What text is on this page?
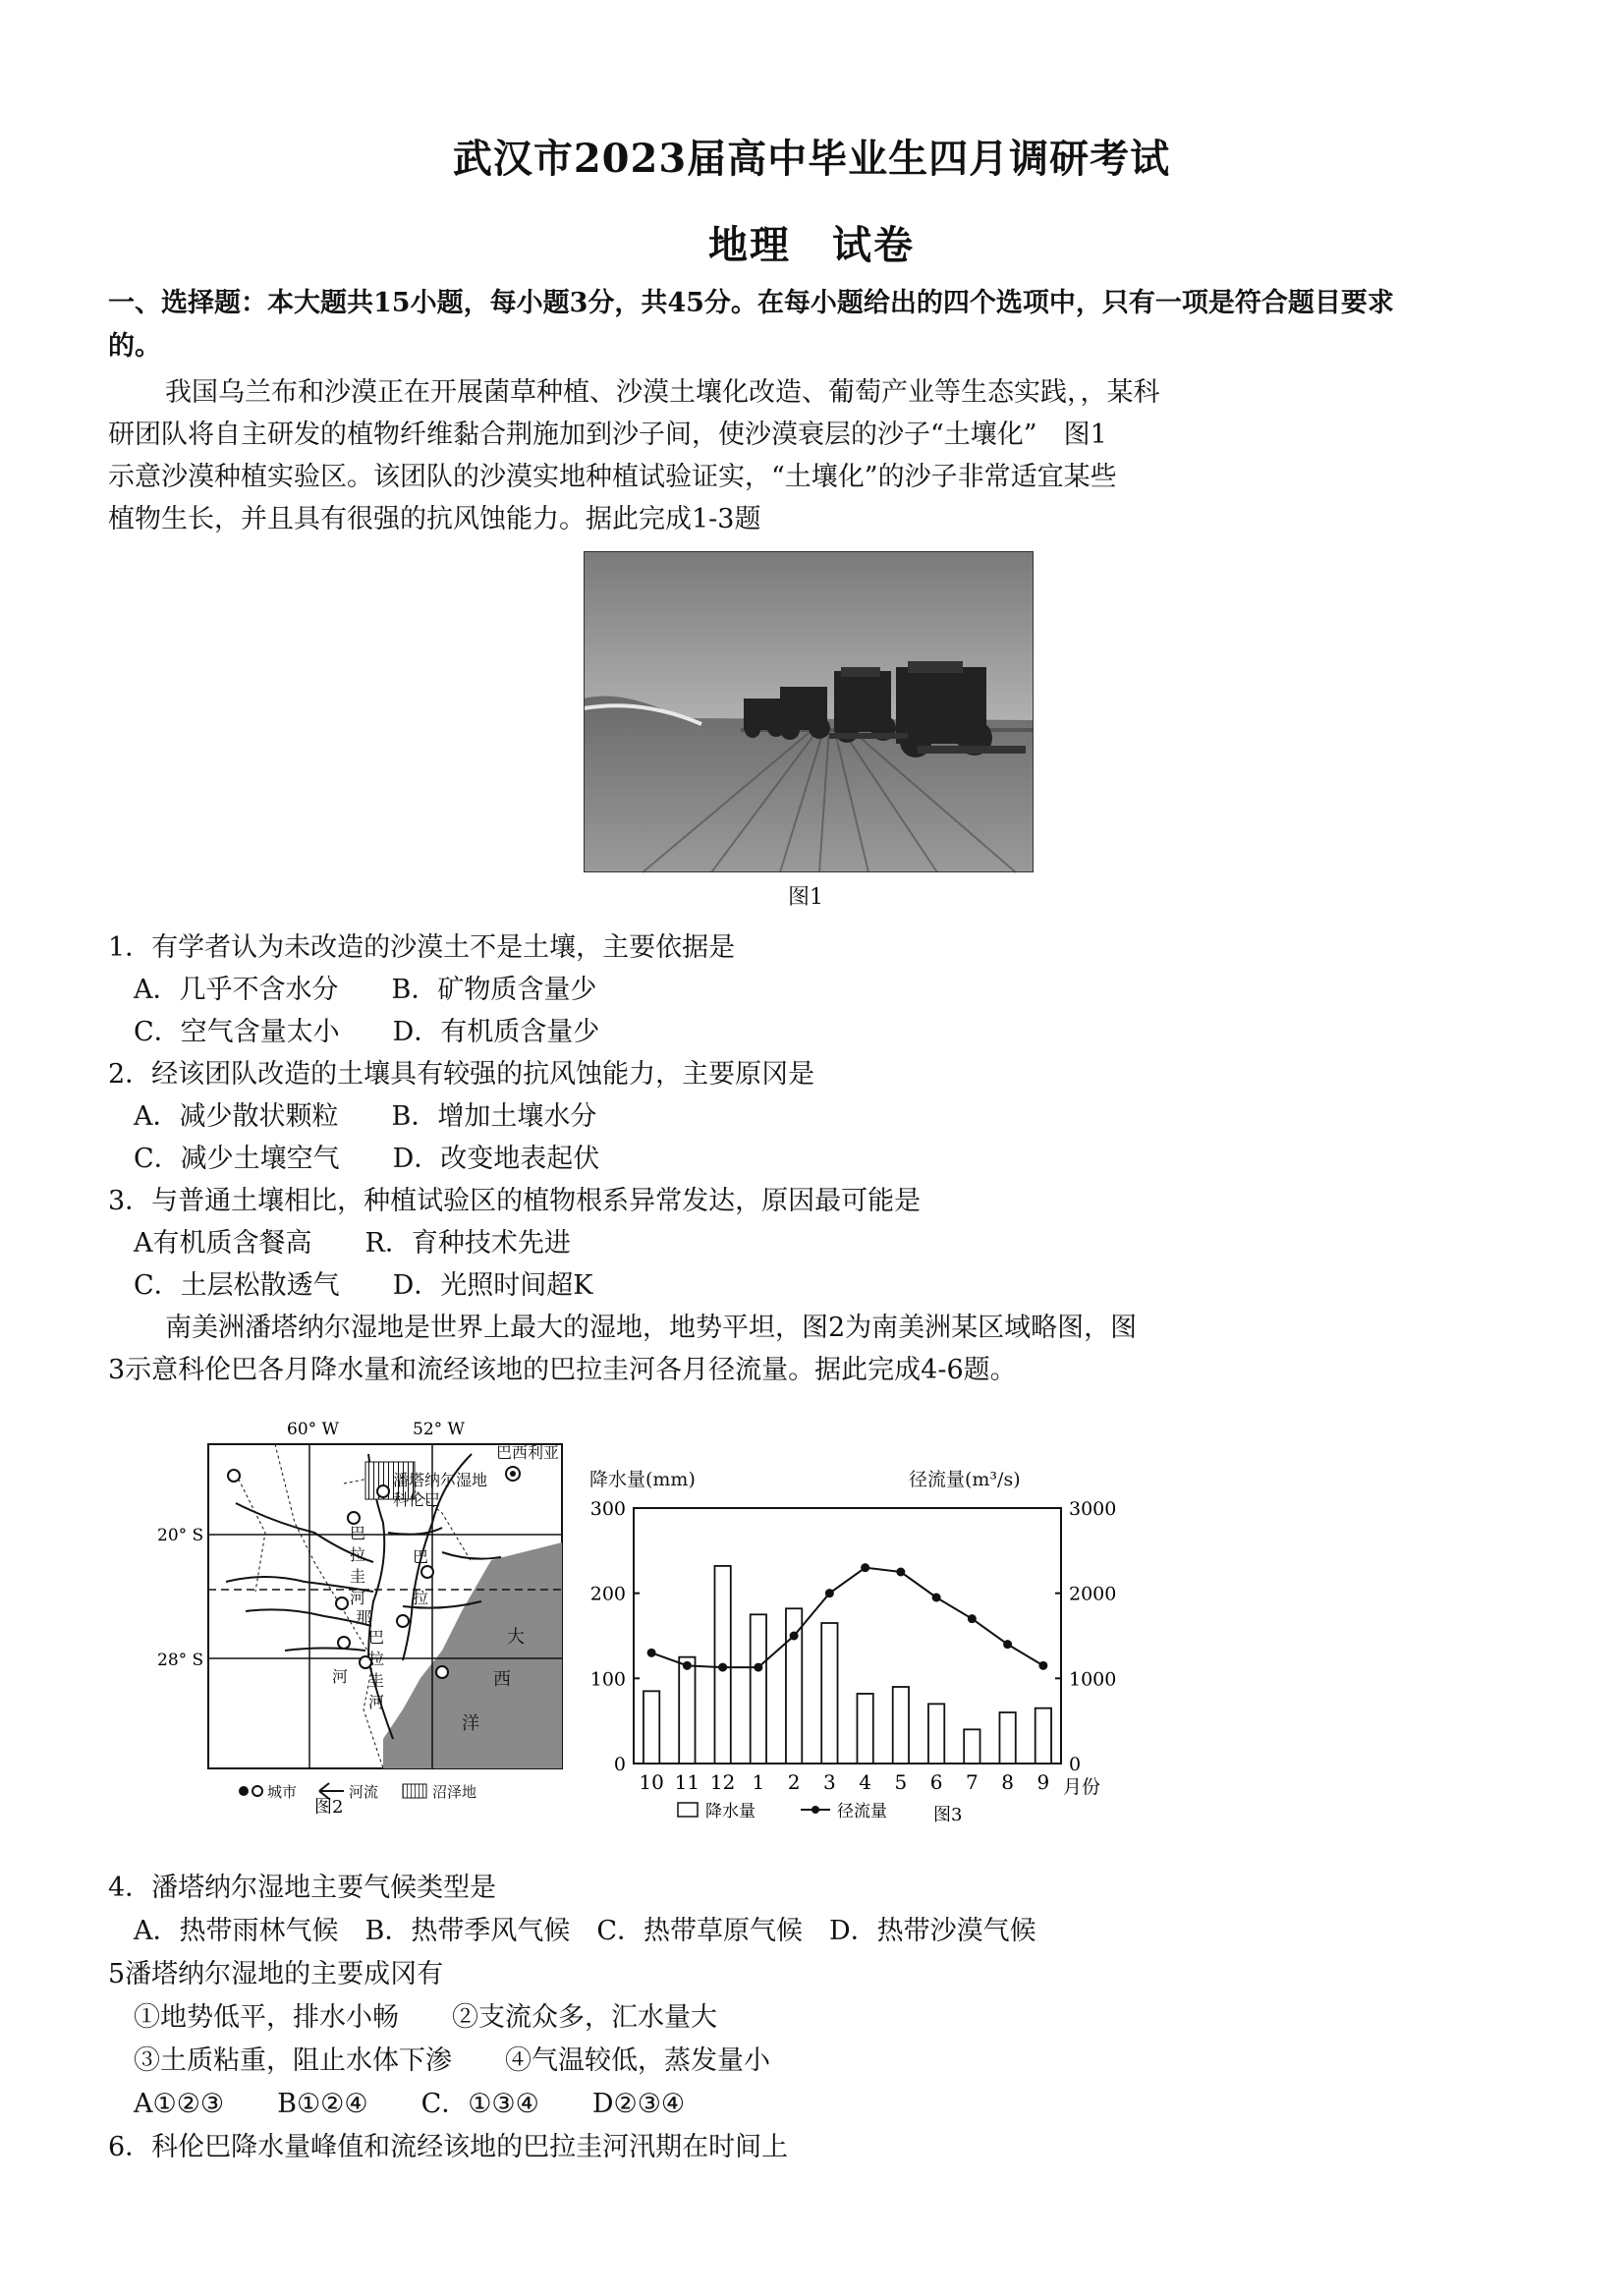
武汉市2023届高中毕业生四月调研考试
地理　试卷
一、选择题：本大题共15小题，每小题3分，共45分。在每小题给出的四个选项中，只有一项是符合题目要求
的。
我国乌兰布和沙漠正在开展菌草种植、沙漠土壤化改造、葡萄产业等生态实践，，某科
研团队将自主研发的植物纤维黏合荆施加到沙子间，使沙漠衰层的沙子“土壤化”　图1
示意沙漠种植实验区。该团队的沙漠实地种植试验证实，“土壤化”的沙子非常适宜某些
植物生长，并且具有很强的抗风蚀能力。据此完成1-3题
图1
1．有学者认为未改造的沙漠土不是土壤，主要依据是
A．几乎不含水分　　B．矿物质含量少
C．空气含量太小　　D．有机质含量少
2．经该团队改造的土壤具有较强的抗风蚀能力，主要原冈是
A．减少散状颗粒　　B．增加土壤水分
C．减少土壤空气　　D．改变地表起伏
3．与普通土壤相比，种植试验区的植物根系异常发达，原因最可能是
A有机质含餐高　　R．育种技术先进
C．土层松散透气　　D．光照时间超K
南美洲潘塔纳尔湿地是世界上最大的湿地，地势平坦，图2为南美洲某区域略图，图
3示意科伦巴各月降水量和流经该地的巴拉圭河各月径流量。据此完成4-6题。
60° W	52° W
20° S
28° S
巴西利亚
潘塔纳尔湿地
科伦巴
巴
拉
圭
河
巴
拉
那
河
巴
拉
圭
河
大
西
洋
城市	河流	沼泽地
图2
降水量(mm)	径流量(m³/s)
0
100
200
300
0
1000
2000
3000
10 11 12 1 2 3 4 5 6 7 8 9 月份
降水量	径流量	图3
4．潘塔纳尔湿地主要气候类型是
A．热带雨林气候　B．热带季风气候　C．热带草原气候　D．热带沙漠气候
5潘塔纳尔湿地的主要成冈有
①地势低平，排水小畅　　②支流众多，汇水量大
③土质粘重，阻止水体下渗　　④气温较低，蒸发量小
A①②③　　B①②④　　C．①③④　　D②③④
6．科伦巴降水量峰值和流经该地的巴拉圭河汛期在时间上
